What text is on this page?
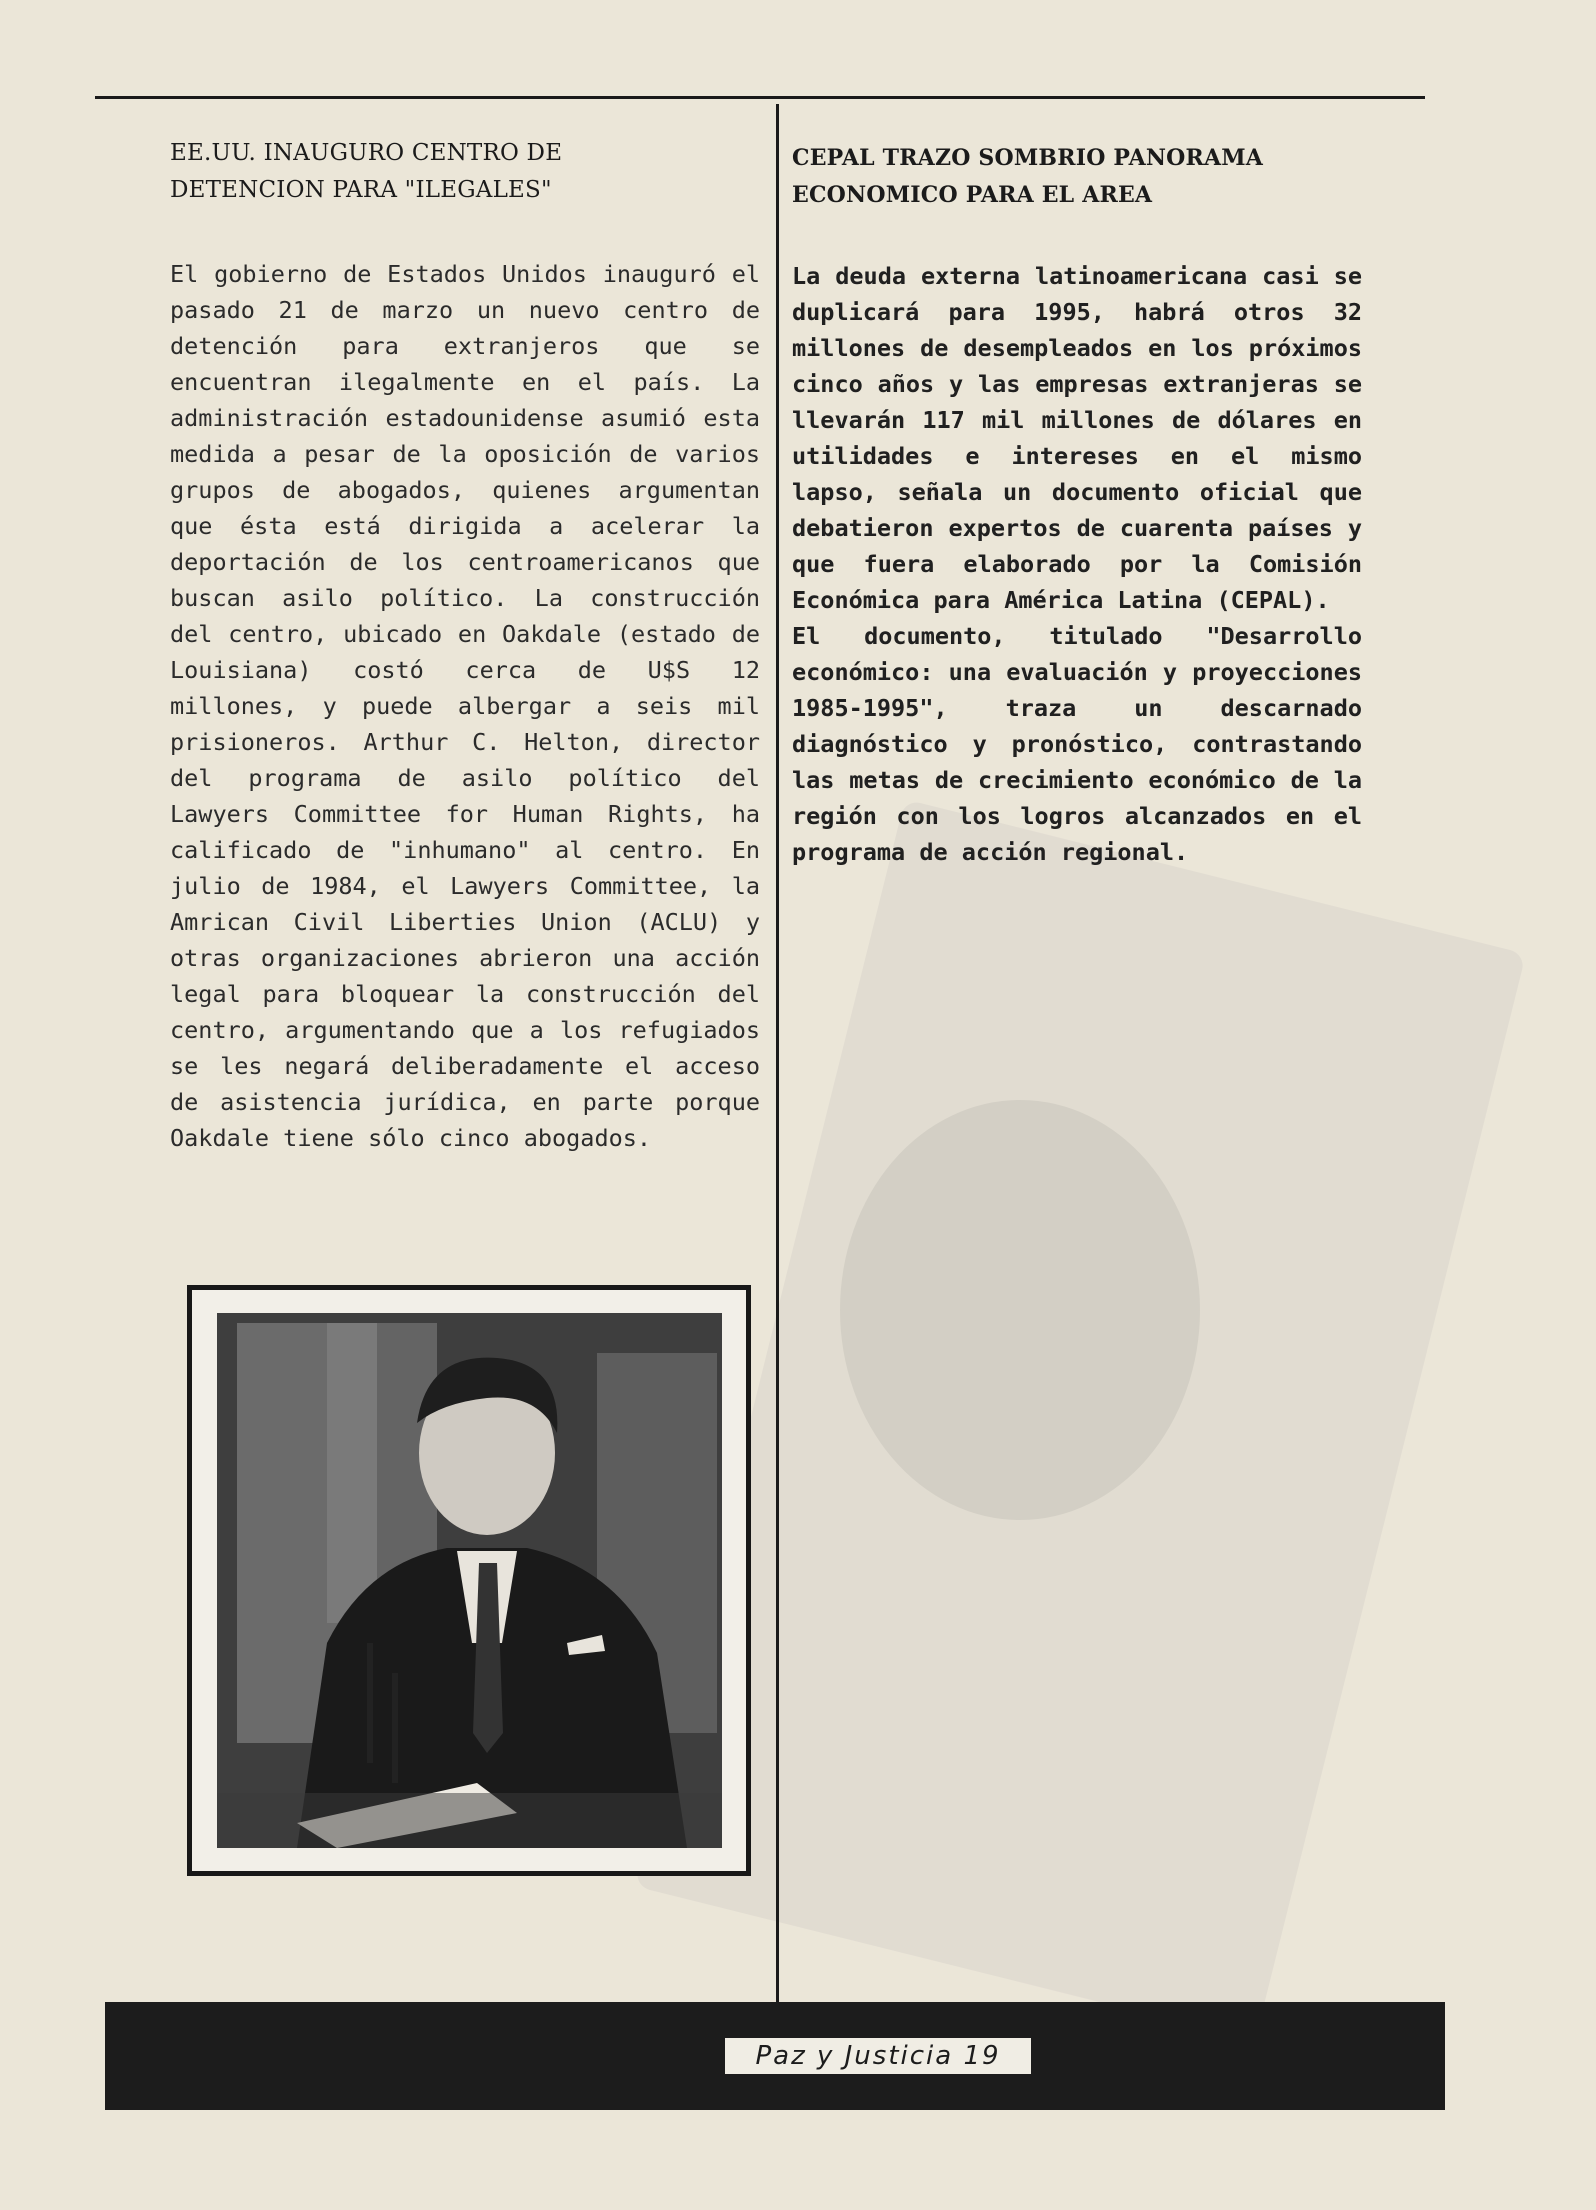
EE.UU. INAUGURO CENTRO DE
DETENCION PARA "ILEGALES"

El gobierno de Estados Unidos inauguró el pasado 21 de marzo un nuevo centro de detención para extranjeros que se encuentran ilegalmente en el país. La administración estadounidense asumió esta medida a pesar de la oposición de varios grupos de abogados, quienes argumentan que ésta está dirigida a acelerar la deportación de los centroamericanos que buscan asilo político. La construcción del centro, ubicado en Oakdale (estado de Louisiana) costó cerca de U$S 12 millones, y puede albergar a seis mil prisioneros. Arthur C. Helton, director del programa de asilo político del Lawyers Committee for Human Rights, ha calificado de "inhumano" al centro. En julio de 1984, el Lawyers Committee, la Amrican Civil Liberties Union (ACLU) y otras organizaciones abrieron una acción legal para bloquear la construcción del centro, argumentando que a los refugiados se les negará deliberadamente el acceso de asistencia jurídica, en parte porque Oakdale tiene sólo cinco abogados.

CEPAL TRAZO SOMBRIO PANORAMA
ECONOMICO PARA EL AREA

La deuda externa latinoamericana casi se duplicará para 1995, habrá otros 32 millones de desempleados en los próximos cinco años y las empresas extranjeras se llevarán 117 mil millones de dólares en utilidades e intereses en el mismo lapso, señala un documento oficial que debatieron expertos de cuarenta países y que fuera elaborado por la Comisión Económica para América Latina (CEPAL).

El documento, titulado "Desarrollo económico: una evaluación y proyecciones 1985-1995", traza un descarnado diagnóstico y pronóstico, contrastando las metas de crecimiento económico de la región con los logros alcanzados en el programa de acción regional.

Paz y Justicia 19
